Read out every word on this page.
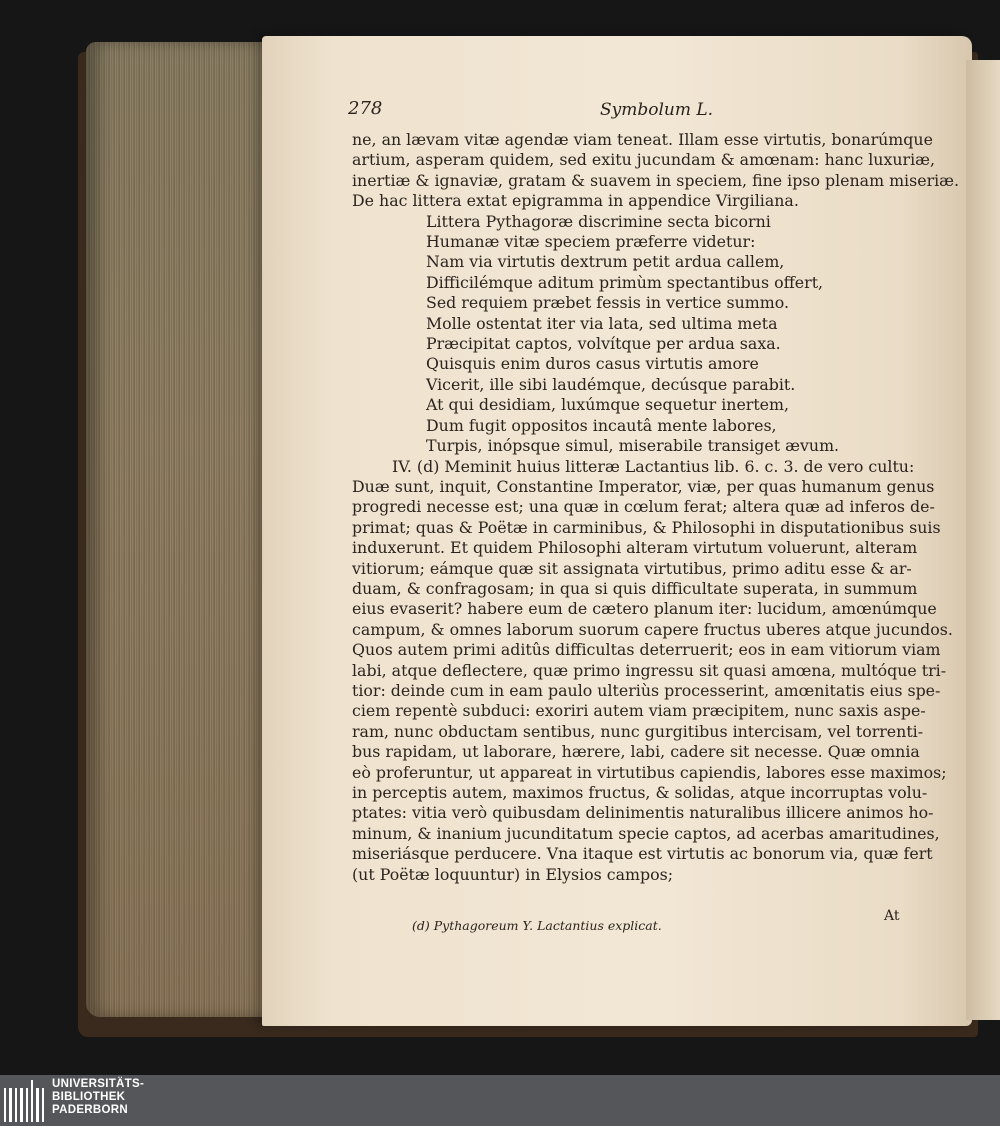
278	Symbolum L.
ne, an lævam vitæ agendæ viam teneat. Illam esse virtutis, bonarúmque
artium, asperam quidem, sed exitu jucundam & amœnam: hanc luxuriæ,
inertiæ & ignaviæ, gratam & suavem in speciem, fine ipso plenam miseriæ.
De hac littera extat epigramma in appendice Virgiliana.
Littera Pythagoræ discrimine secta bicorni
Humanæ vitæ speciem præferre videtur:
Nam via virtutis dextrum petit ardua callem,
Difficilémque aditum primùm spectantibus offert,
Sed requiem præbet fessis in vertice summo.
Molle ostentat iter via lata, sed ultima meta
Præcipitat captos, volvítque per ardua saxa.
Quisquis enim duros casus virtutis amore
Vicerit, ille sibi laudémque, decúsque parabit.
At qui desidiam, luxúmque sequetur inertem,
Dum fugit oppositos incautâ mente labores,
Turpis, inópsque simul, miserabile transiget ævum.
IV. (d) Meminit huius litteræ Lactantius lib. 6. c. 3. de vero cultu:
Duæ sunt, inquit, Constantine Imperator, viæ, per quas humanum genus
progredi necesse est; una quæ in cœlum ferat; altera quæ ad inferos de-
primat; quas & Poëtæ in carminibus, & Philosophi in disputationibus suis
induxerunt. Et quidem Philosophi alteram virtutum voluerunt, alteram
vitiorum; eámque quæ sit assignata virtutibus, primo aditu esse & ar-
duam, & confragosam; in qua si quis difficultate superata, in summum
eius evaserit? habere eum de cætero planum iter: lucidum, amœnúmque
campum, & omnes laborum suorum capere fructus uberes atque jucundos.
Quos autem primi aditûs difficultas deterruerit; eos in eam vitiorum viam
labi, atque deflectere, quæ primo ingressu sit quasi amœna, multóque tri-
tior: deinde cum in eam paulo ulteriùs processerint, amœnitatis eius spe-
ciem repentè subduci: exoriri autem viam præcipitem, nunc saxis aspe-
ram, nunc obductam sentibus, nunc gurgitibus intercisam, vel torrenti-
bus rapidam, ut laborare, hærere, labi, cadere sit necesse. Quæ omnia
eò proferuntur, ut appareat in virtutibus capiendis, labores esse maximos;
in perceptis autem, maximos fructus, & solidas, atque incorruptas volu-
ptates: vitia verò quibusdam delinimentis naturalibus illicere animos ho-
minum, & inanium jucunditatum specie captos, ad acerbas amaritudines,
miseriásque perducere. Vna itaque est virtutis ac bonorum via, quæ fert
(ut Poëtæ loquuntur) in Elysios campos;
(d) Pythagoreum Y. Lactantius explicat.
At
UNIVERSITÄTS-
BIBLIOTHEK
PADERBORN
